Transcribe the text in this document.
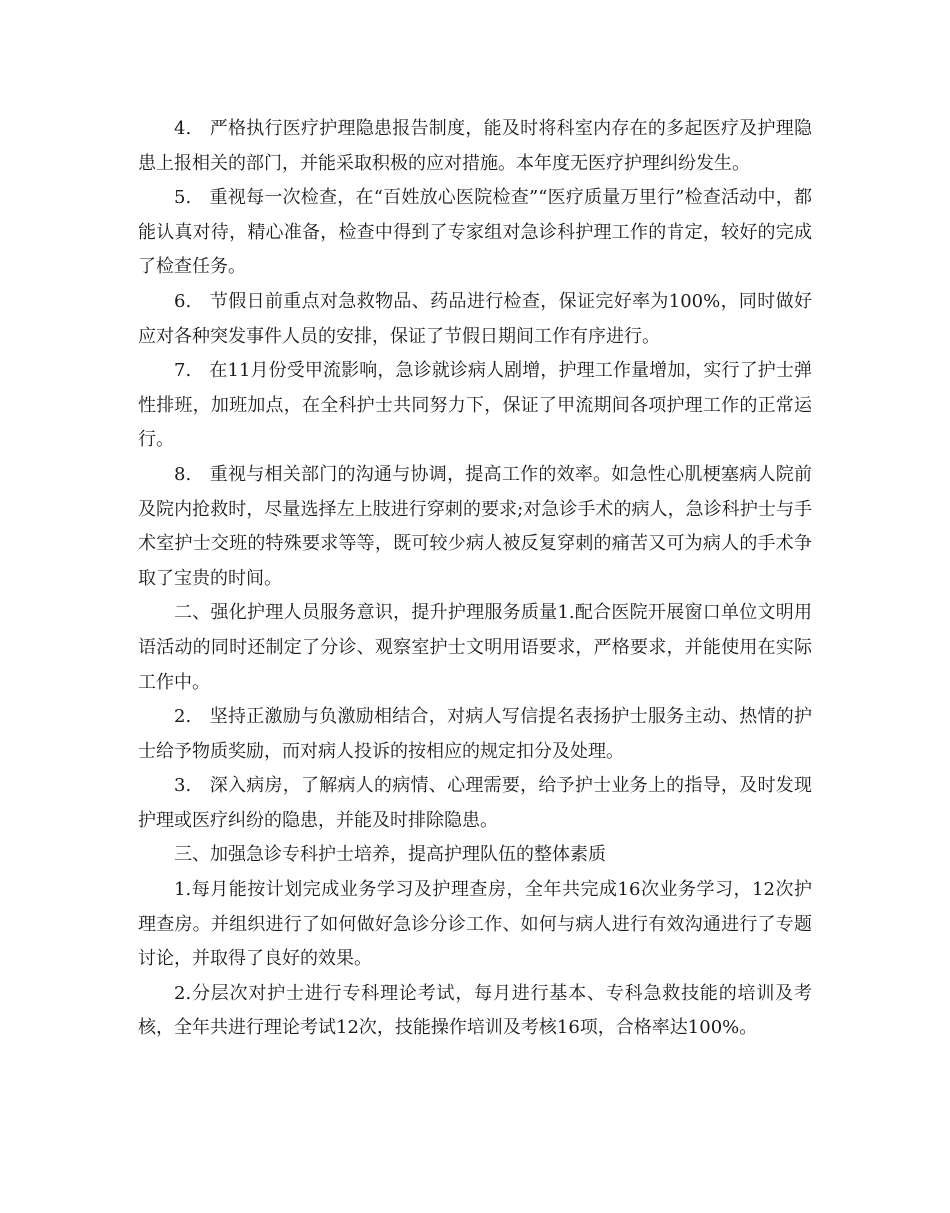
4.　严格执行医疗护理隐患报告制度，能及时将科室内存在的多起医疗及护理隐患上报相关的部门，并能采取积极的应对措施。本年度无医疗护理纠纷发生。

5.　重视每一次检查，在“百姓放心医院检查”“医疗质量万里行”检查活动中，都能认真对待，精心准备，检查中得到了专家组对急诊科护理工作的肯定，较好的完成了检查任务。

6.　节假日前重点对急救物品、药品进行检查，保证完好率为100%，同时做好应对各种突发事件人员的安排，保证了节假日期间工作有序进行。

7.　在11月份受甲流影响，急诊就诊病人剧增，护理工作量增加，实行了护士弹性排班，加班加点，在全科护士共同努力下，保证了甲流期间各项护理工作的正常运行。

8.　重视与相关部门的沟通与协调，提高工作的效率。如急性心肌梗塞病人院前及院内抢救时，尽量选择左上肢进行穿刺的要求;对急诊手术的病人，急诊科护士与手术室护士交班的特殊要求等等，既可较少病人被反复穿刺的痛苦又可为病人的手术争取了宝贵的时间。

二、强化护理人员服务意识，提升护理服务质量1.配合医院开展窗口单位文明用语活动的同时还制定了分诊、观察室护士文明用语要求，严格要求，并能使用在实际工作中。

2.　坚持正激励与负激励相结合，对病人写信提名表扬护士服务主动、热情的护士给予物质奖励，而对病人投诉的按相应的规定扣分及处理。

3.　深入病房，了解病人的病情、心理需要，给予护士业务上的指导，及时发现护理或医疗纠纷的隐患，并能及时排除隐患。

三、加强急诊专科护士培养，提高护理队伍的整体素质

1.每月能按计划完成业务学习及护理查房，全年共完成16次业务学习，12次护理查房。并组织进行了如何做好急诊分诊工作、如何与病人进行有效沟通进行了专题讨论，并取得了良好的效果。

2.分层次对护士进行专科理论考试，每月进行基本、专科急救技能的培训及考核，全年共进行理论考试12次，技能操作培训及考核16项，合格率达100%。
